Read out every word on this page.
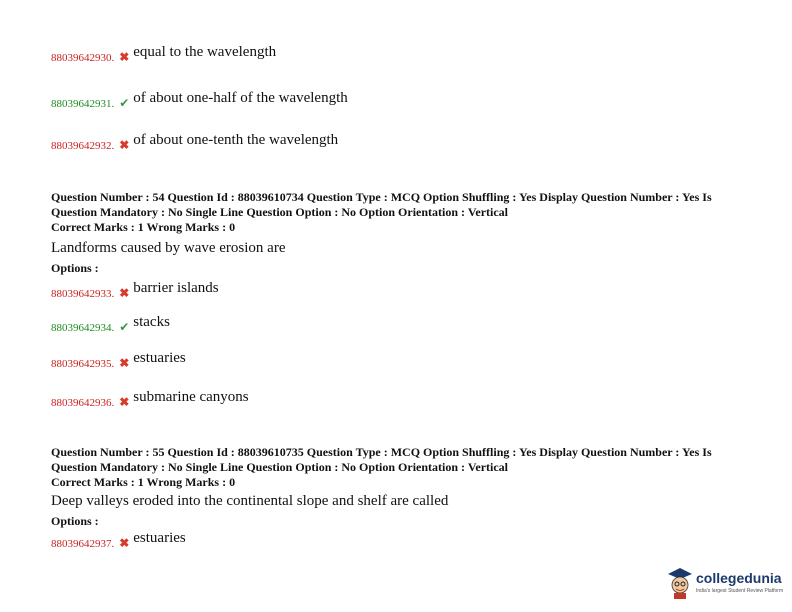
88039642930. ✖ equal to the wavelength
88039642931. ✔ of about one-half of the wavelength
88039642932. ✖ of about one-tenth the wavelength
Question Number : 54 Question Id : 88039610734 Question Type : MCQ Option Shuffling : Yes Display Question Number : Yes Is Question Mandatory : No Single Line Question Option : No Option Orientation : Vertical
Correct Marks : 1 Wrong Marks : 0
Landforms caused by wave erosion are
Options :
88039642933. ✖ barrier islands
88039642934. ✔ stacks
88039642935. ✖ estuaries
88039642936. ✖ submarine canyons
Question Number : 55 Question Id : 88039610735 Question Type : MCQ Option Shuffling : Yes Display Question Number : Yes Is Question Mandatory : No Single Line Question Option : No Option Orientation : Vertical
Correct Marks : 1 Wrong Marks : 0
Deep valleys eroded into the continental slope and shelf are called
Options :
88039642937. ✖ estuaries
collegedunia
India's largest Student Review Platform
